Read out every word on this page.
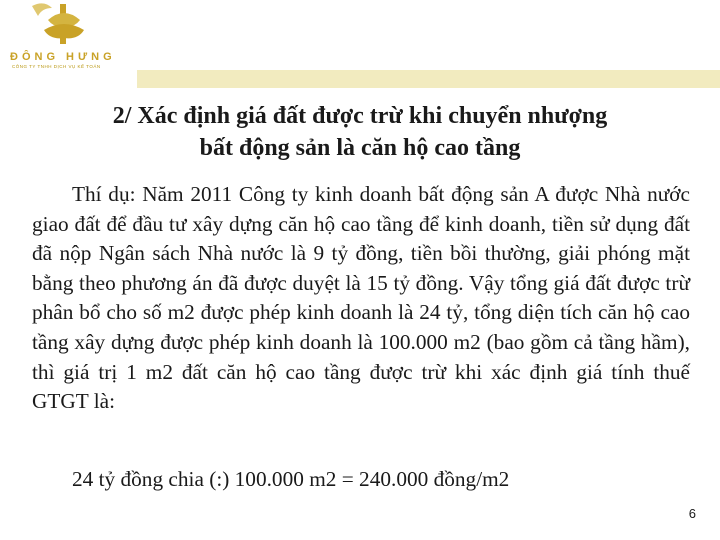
ĐÔNG HƯNG
CÔNG TY TNHH DỊCH VỤ KẾ TOÁN
2/ Xác định giá đất được trừ khi chuyển nhượng
bất động sản là căn hộ cao tầng

Thí dụ: Năm 2011 Công ty kinh doanh bất động sản A được Nhà nước giao đất để đầu tư xây dựng căn hộ cao tầng để kinh doanh, tiền sử dụng đất đã nộp Ngân sách Nhà nước là 9 tỷ đồng, tiền bồi thường, giải phóng mặt bằng theo phương án đã được duyệt là 15 tỷ đồng. Vậy tổng giá đất được trừ phân bổ cho số m2 được phép kinh doanh là 24 tỷ, tổng diện tích căn hộ cao tầng xây dựng được phép kinh doanh là 100.000 m2 (bao gồm cả tầng hầm), thì giá trị 1 m2 đất căn hộ cao tầng được trừ khi xác định giá tính thuế GTGT là:

24 tỷ đồng chia (:) 100.000 m2 = 240.000 đồng/m2
6
